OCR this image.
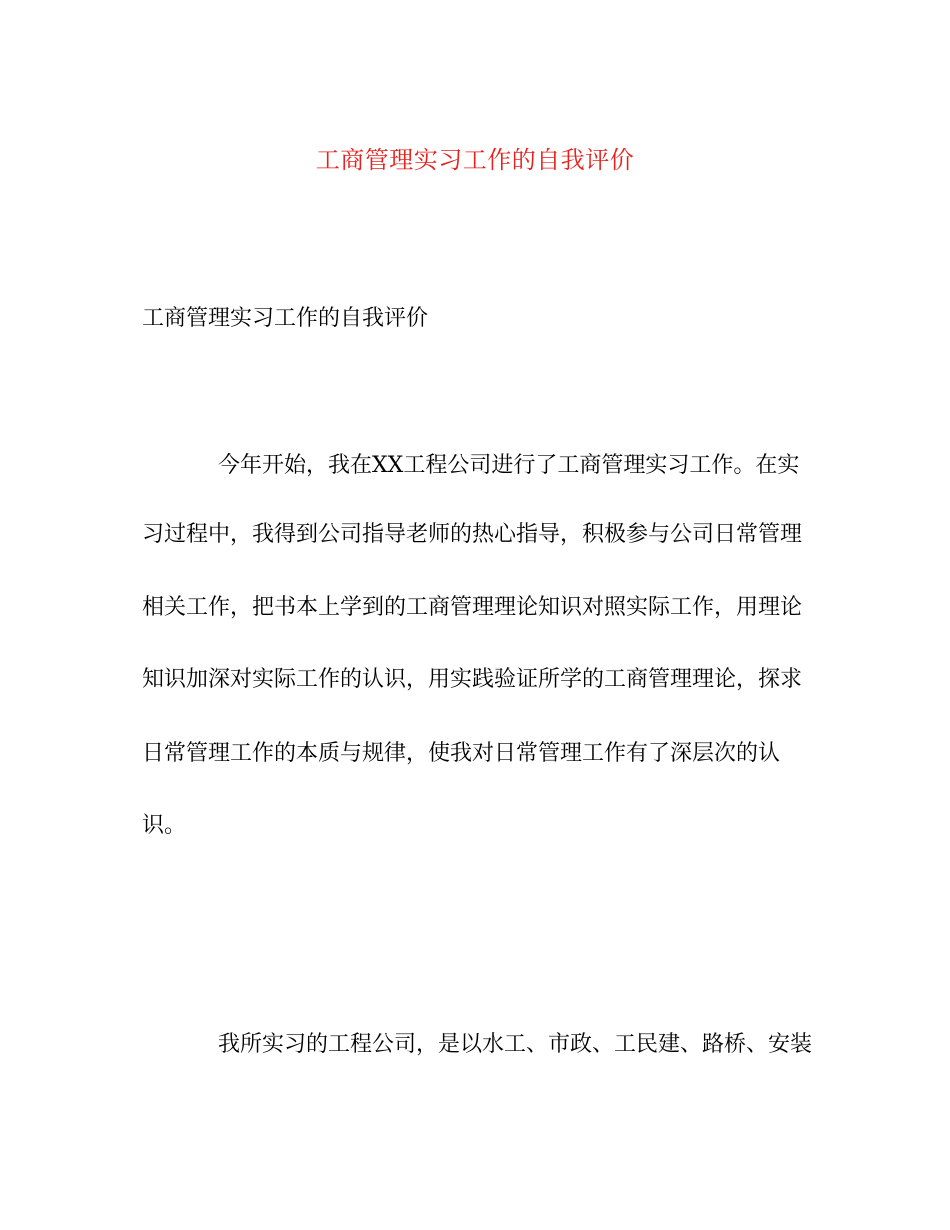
工商管理实习工作的自我评价
工商管理实习工作的自我评价
今年开始，我在XX工程公司进行了工商管理实习工作。在实
习过程中，我得到公司指导老师的热心指导，积极参与公司日常管理
相关工作，把书本上学到的工商管理理论知识对照实际工作，用理论
知识加深对实际工作的认识，用实践验证所学的工商管理理论，探求
日常管理工作的本质与规律，使我对日常管理工作有了深层次的认
识。
我所实习的工程公司，是以水工、市政、工民建、路桥、安装
